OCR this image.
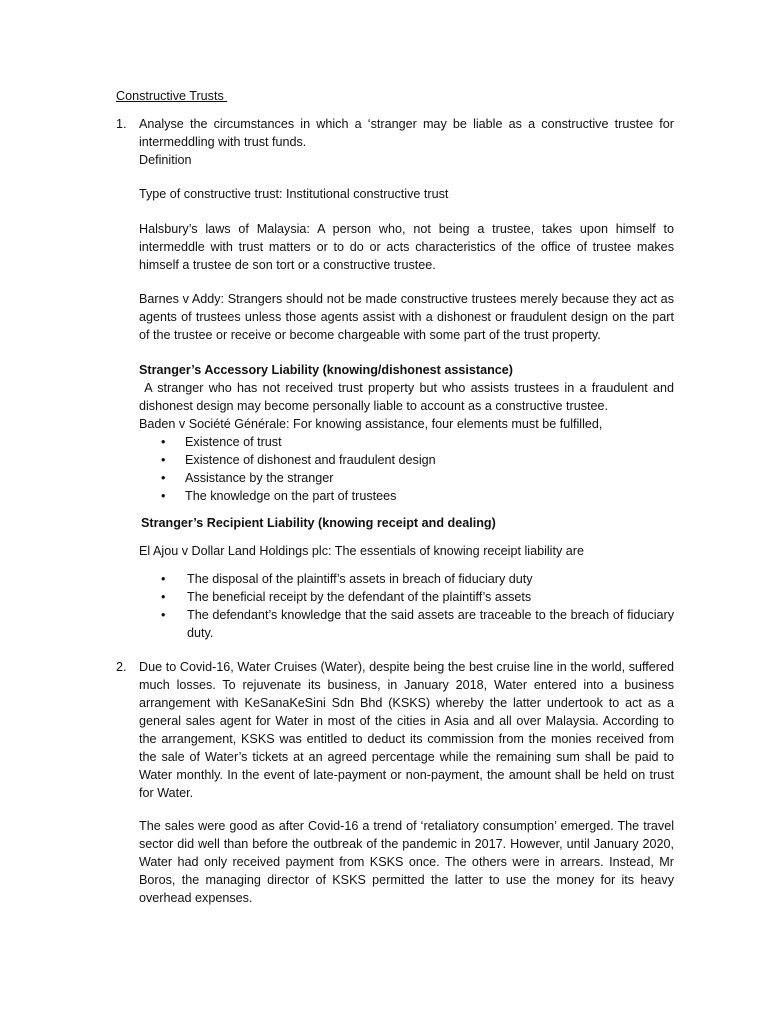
Constructive Trusts
1. Analyse the circumstances in which a ‘stranger may be liable as a constructive trustee for intermeddling with trust funds.

Definition

Type of constructive trust: Institutional constructive trust

Halsbury’s laws of Malaysia: A person who, not being a trustee, takes upon himself to intermeddle with trust matters or to do or acts characteristics of the office of trustee makes himself a trustee de son tort or a constructive trustee.

Barnes v Addy: Strangers should not be made constructive trustees merely because they act as agents of trustees unless those agents assist with a dishonest or fraudulent design on the part of the trustee or receive or become chargeable with some part of the trust property.

Stranger’s Accessory Liability (knowing/dishonest assistance)

A stranger who has not received trust property but who assists trustees in a fraudulent and dishonest design may become personally liable to account as a constructive trustee.

Baden v Société Générale: For knowing assistance, four elements must be fulfilled,

• Existence of trust
• Existence of dishonest and fraudulent design
• Assistance by the stranger
• The knowledge on the part of trustees

Stranger’s Recipient Liability (knowing receipt and dealing)

El Ajou v Dollar Land Holdings plc: The essentials of knowing receipt liability are

• The disposal of the plaintiff’s assets in breach of fiduciary duty
• The beneficial receipt by the defendant of the plaintiff’s assets
• The defendant’s knowledge that the said assets are traceable to the breach of fiduciary duty.
2. Due to Covid-16, Water Cruises (Water), despite being the best cruise line in the world, suffered much losses. To rejuvenate its business, in January 2018, Water entered into a business arrangement with KeSanaKeSini Sdn Bhd (KSKS) whereby the latter undertook to act as a general sales agent for Water in most of the cities in Asia and all over Malaysia. According to the arrangement, KSKS was entitled to deduct its commission from the monies received from the sale of Water’s tickets at an agreed percentage while the remaining sum shall be paid to Water monthly. In the event of late-payment or non-payment, the amount shall be held on trust for Water.

The sales were good as after Covid-16 a trend of ‘retaliatory consumption’ emerged. The travel sector did well than before the outbreak of the pandemic in 2017. However, until January 2020, Water had only received payment from KSKS once. The others were in arrears. Instead, Mr Boros, the managing director of KSKS permitted the latter to use the money for its heavy overhead expenses.
